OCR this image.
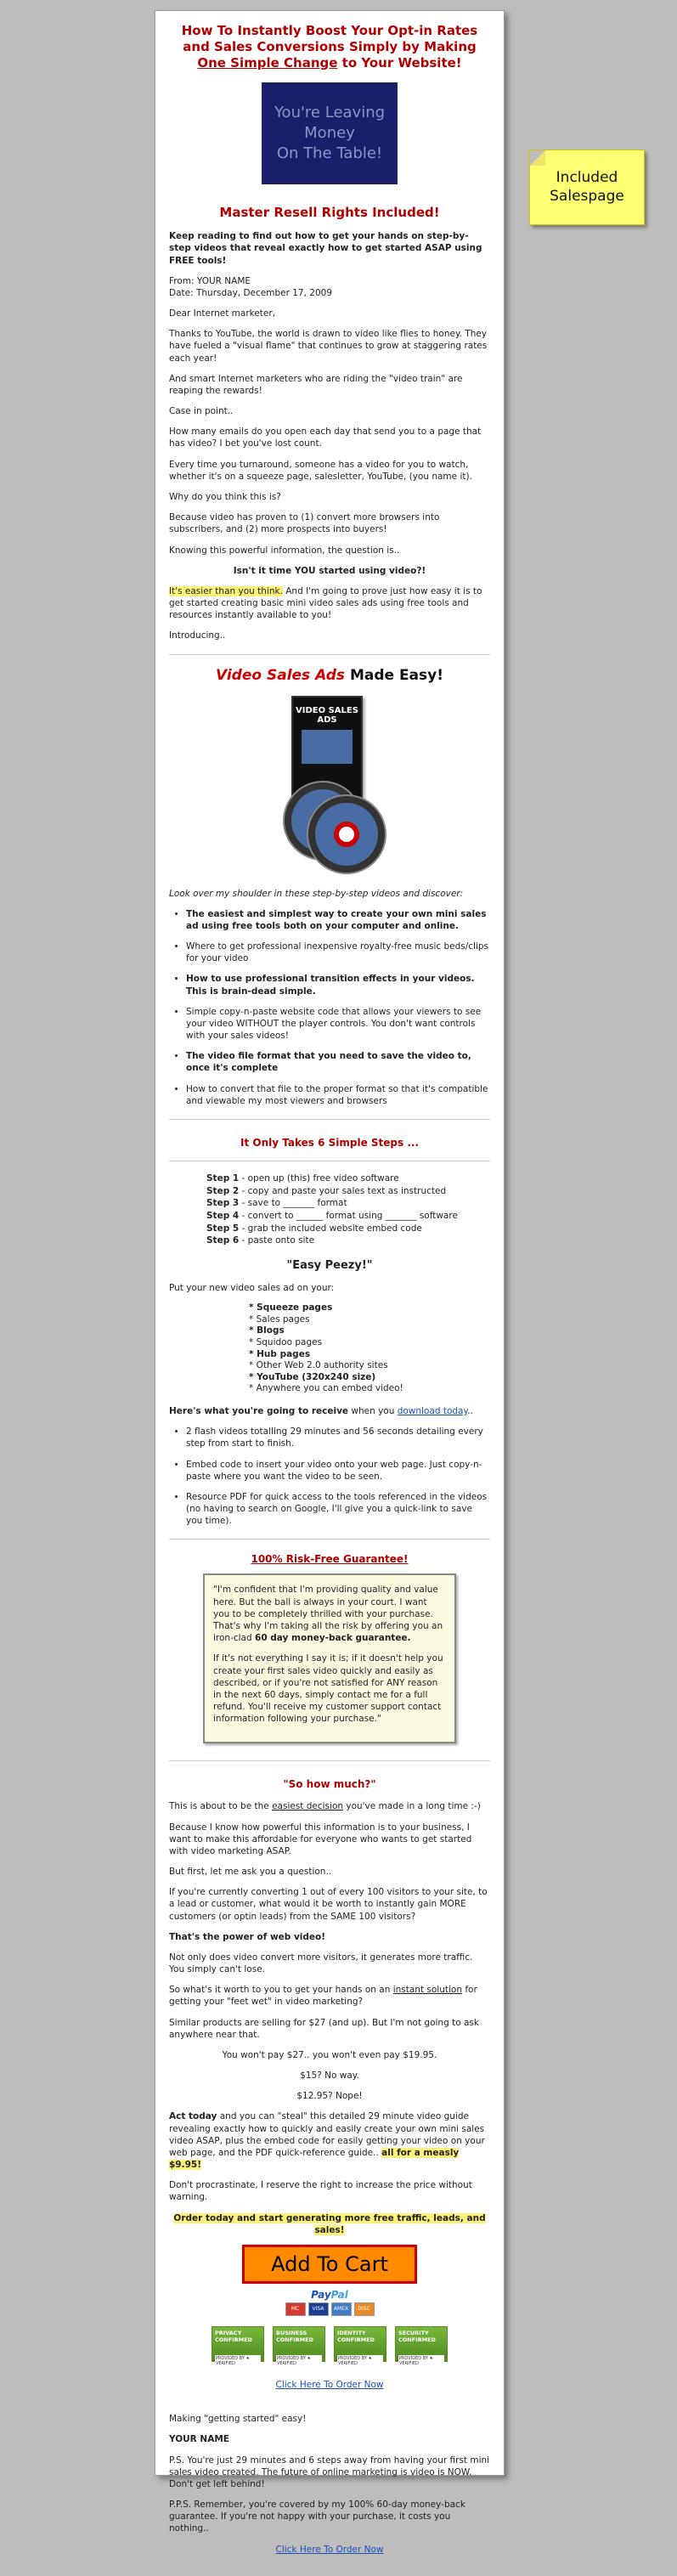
Included
Salespage
How To Instantly Boost Your Opt-in Rates and Sales Conversions Simply by Making One Simple Change to Your Website!
You're Leaving
Money
On The Table!
Master Resell Rights Included!

Keep reading to find out how to get your hands on step-by-step videos that reveal exactly how to get started ASAP using FREE tools!

From: YOUR NAME
Date: Thursday, December 17, 2009

Dear Internet marketer,

Thanks to YouTube, the world is drawn to video like flies to honey. They have fueled a "visual flame" that continues to grow at staggering rates each year!

And smart Internet marketers who are riding the "video train" are reaping the rewards!

Case in point..

How many emails do you open each day that send you to a page that has video? I bet you've lost count.

Every time you turnaround, someone has a video for you to watch, whether it's on a squeeze page, salesletter, YouTube, (you name it).

Why do you think this is?

Because video has proven to (1) convert more browsers into subscribers, and (2) more prospects into buyers!

Knowing this powerful information, the question is..

Isn't it time YOU started using video?!

It's easier than you think. And I'm going to prove just how easy it is to get started creating basic mini video sales ads using free tools and resources instantly available to you!

Introducing..

Video Sales Ads Made Easy!
VIDEO SALES ADS

Look over my shoulder in these step-by-step videos and discover:

• The easiest and simplest way to create your own mini sales ad using free tools both on your computer and online.
• Where to get professional inexpensive royalty-free music beds/clips for your video
• How to use professional transition effects in your videos. This is brain-dead simple.
• Simple copy-n-paste website code that allows your viewers to see your video WITHOUT the player controls. You don't want controls with your sales videos!
• The video file format that you need to save the video to, once it's complete
• How to convert that file to the proper format so that it's compatible and viewable my most viewers and browsers
It Only Takes 6 Simple Steps ...
Step 1 - open up (this) free video software
Step 2 - copy and paste your sales text as instructed
Step 3 - save to _______ format
Step 4 - convert to ______ format using _______ software
Step 5 - grab the included website embed code
Step 6 - paste onto site
"Easy Peezy!"

Put your new video sales ad on your:

* Squeeze pages
* Sales pages
* Blogs
* Squidoo pages
* Hub pages
* Other Web 2.0 authority sites
* YouTube (320x240 size)
* Anywhere you can embed video!

Here's what you're going to receive when you download today..

• 2 flash videos totalling 29 minutes and 56 seconds detailing every step from start to finish.
• Embed code to insert your video onto your web page. Just copy-n-paste where you want the video to be seen.
• Resource PDF for quick access to the tools referenced in the videos (no having to search on Google, I'll give you a quick-link to save you time).
100% Risk-Free Guarantee!

"I'm confident that I'm providing quality and value here. But the ball is always in your court. I want you to be completely thrilled with your purchase. That's why I'm taking all the risk by offering you an iron-clad 60 day money-back guarantee.

If it's not everything I say it is; if it doesn't help you create your first sales video quickly and easily as described, or if you're not satisfied for ANY reason in the next 60 days, simply contact me for a full refund. You'll receive my customer support contact information following your purchase."

"So how much?"

This is about to be the easiest decision you've made in a long time :-)

Because I know how powerful this information is to your business, I want to make this affordable for everyone who wants to get started with video marketing ASAP.

But first, let me ask you a question..

If you're currently converting 1 out of every 100 visitors to your site, to a lead or customer, what would it be worth to instantly gain MORE customers (or optin leads) from the SAME 100 visitors?

That's the power of web video!

Not only does video convert more visitors, it generates more traffic. You simply can't lose.

So what's it worth to you to get your hands on an instant solution for getting your "feet wet" in video marketing?

Similar products are selling for $27 (and up). But I'm not going to ask anywhere near that.

You won't pay $27.. you won't even pay $19.95.

$15? No way.

$12.95? Nope!

Act today and you can "steal" this detailed 29 minute video guide revealing exactly how to quickly and easily create your own mini sales video ASAP, plus the embed code for easily getting your video on your web page, and the PDF quick-reference guide.. all for a measly $9.95!

Don't procrastinate, I reserve the right to increase the price without warning.

Order today and start generating more free traffic, leads, and sales!

Add To Cart
PayPal
MC	VISA	AMEX	DISC
PRIVACY CONFIRMED
PROVIDED BY ★ VERIFIED
BUSINESS CONFIRMED
PROVIDED BY ★ VERIFIED
IDENTITY CONFIRMED
PROVIDED BY ★ VERIFIED
SECURITY CONFIRMED
PROVIDED BY ★ VERIFIED

Click Here To Order Now

Making "getting started" easy!

YOUR NAME

P.S. You're just 29 minutes and 6 steps away from having your first mini sales video created. The future of online marketing is video is NOW. Don't get left behind!

P.P.S. Remember, you're covered by my 100% 60-day money-back guarantee. If you're not happy with your purchase, it costs you nothing..

Click Here To Order Now
